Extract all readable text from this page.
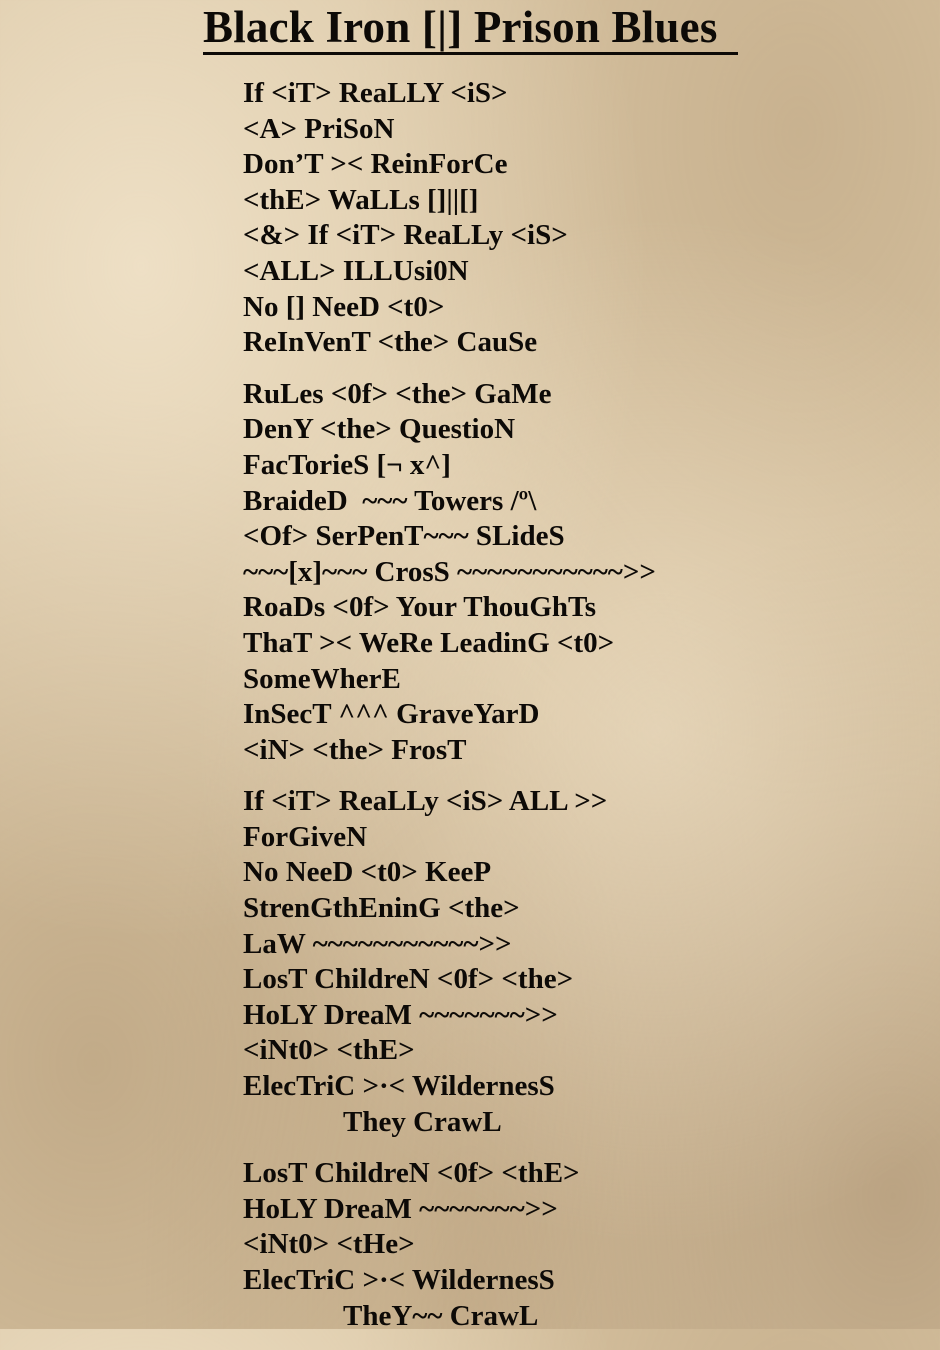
Black Iron [|] Prison Blues
If <iT> ReaLLY <iS>
<A> PriSoN
Don’T >< ReinForCe
<thE> WaLLs []||[]
<&> If <iT> ReaLLy <iS>
<ALL> ILLUsi0N
No [] NeeD <t0>
ReInVenT <the> CauSe
RuLes <0f> <the> GaMe
DenY <the> QuestioN
FacTorieS [¬ x^]
BraideD  ~~~ Towers /º\
<Of> SerPenT~~~ SLideS
~~~[x]~~~ CrosS ~~~~~~~~~~~>>
RoaDs <0f> Your ThouGhTs
ThaT >< WeRe LeadinG <t0>
SomeWherE
InSecT ^^^ GraveYarD
<iN> <the> FrosT
If <iT> ReaLLy <iS> ALL >>
ForGiveN
No NeeD <t0> KeeP
StrenGthEninG <the>
LaW ~~~~~~~~~~~>>
LosT ChildreN <0f> <the>
HoLY DreaM ~~~~~~~>>
<iNt0> <thE>
ElecTriC >·< WildernesS
They CrawL
LosT ChildreN <0f> <thE>
HoLY DreaM ~~~~~~~>>
<iNt0> <tHe>
ElecTriC >·< WildernesS
TheY~~ CrawL
